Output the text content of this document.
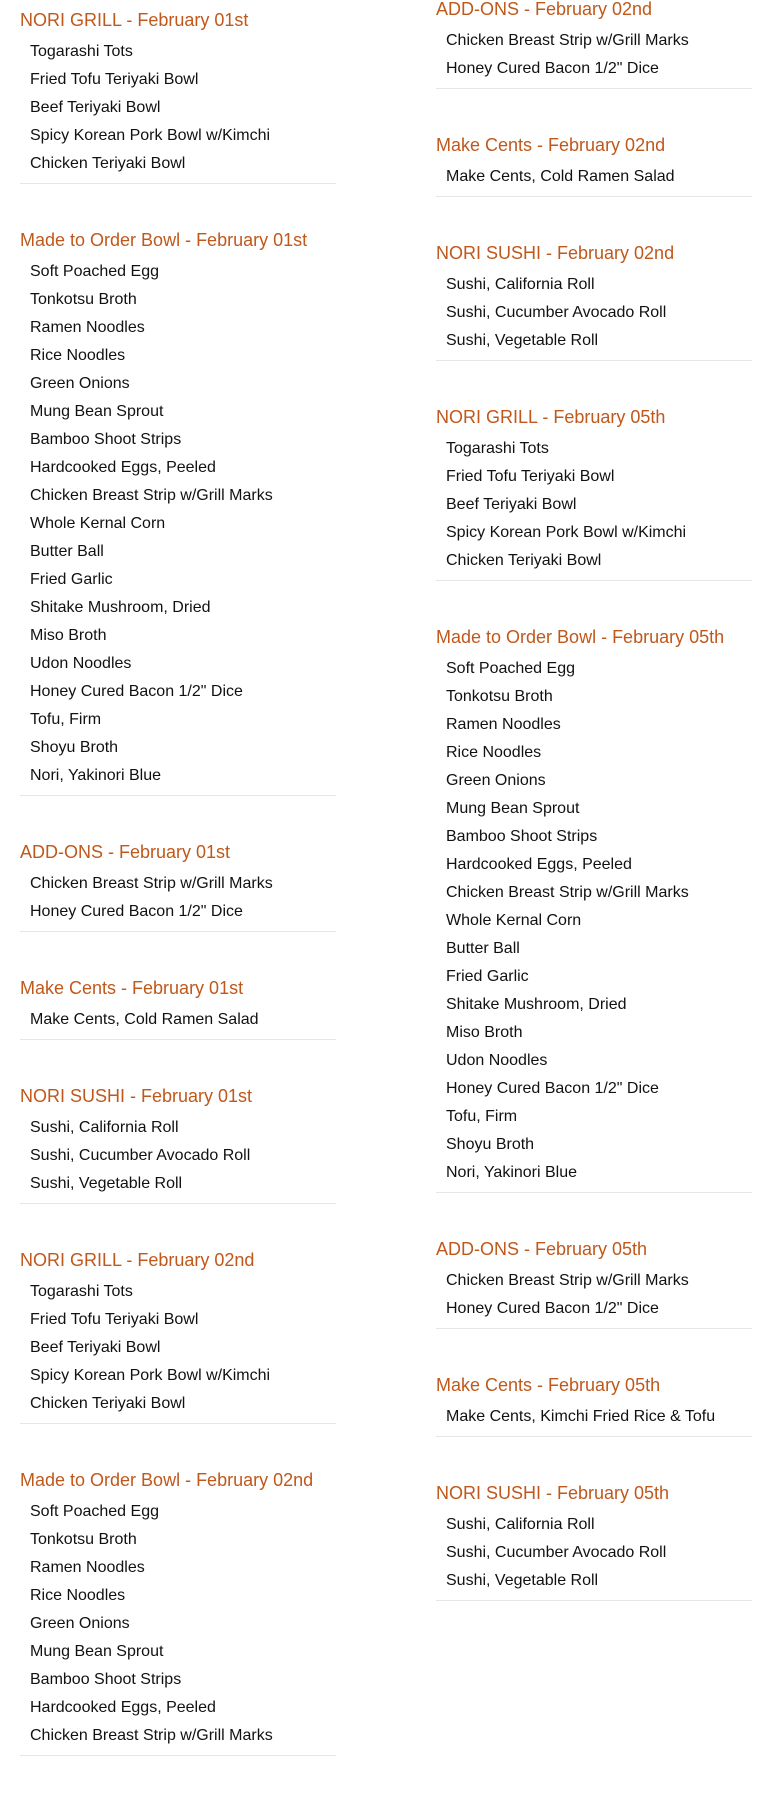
NORI GRILL - February 01st
Togarashi Tots
Fried Tofu Teriyaki Bowl
Beef Teriyaki Bowl
Spicy Korean Pork Bowl w/Kimchi
Chicken Teriyaki Bowl
Made to Order Bowl - February 01st
Soft Poached Egg
Tonkotsu Broth
Ramen Noodles
Rice Noodles
Green Onions
Mung Bean Sprout
Bamboo Shoot Strips
Hardcooked Eggs, Peeled
Chicken Breast Strip w/Grill Marks
Whole Kernal Corn
Butter Ball
Fried Garlic
Shitake Mushroom, Dried
Miso Broth
Udon Noodles
Honey Cured Bacon 1/2" Dice
Tofu, Firm
Shoyu Broth
Nori, Yakinori Blue
ADD-ONS - February 01st
Chicken Breast Strip w/Grill Marks
Honey Cured Bacon 1/2" Dice
Make Cents - February 01st
Make Cents, Cold Ramen Salad
NORI SUSHI - February 01st
Sushi, California Roll
Sushi, Cucumber Avocado Roll
Sushi, Vegetable Roll
NORI GRILL - February 02nd
Togarashi Tots
Fried Tofu Teriyaki Bowl
Beef Teriyaki Bowl
Spicy Korean Pork Bowl w/Kimchi
Chicken Teriyaki Bowl
Made to Order Bowl - February 02nd
Soft Poached Egg
Tonkotsu Broth
Ramen Noodles
Rice Noodles
Green Onions
Mung Bean Sprout
Bamboo Shoot Strips
Hardcooked Eggs, Peeled
Chicken Breast Strip w/Grill Marks
ADD-ONS - February 02nd
Chicken Breast Strip w/Grill Marks
Honey Cured Bacon 1/2" Dice
Make Cents - February 02nd
Make Cents, Cold Ramen Salad
NORI SUSHI - February 02nd
Sushi, California Roll
Sushi, Cucumber Avocado Roll
Sushi, Vegetable Roll
NORI GRILL - February 05th
Togarashi Tots
Fried Tofu Teriyaki Bowl
Beef Teriyaki Bowl
Spicy Korean Pork Bowl w/Kimchi
Chicken Teriyaki Bowl
Made to Order Bowl - February 05th
Soft Poached Egg
Tonkotsu Broth
Ramen Noodles
Rice Noodles
Green Onions
Mung Bean Sprout
Bamboo Shoot Strips
Hardcooked Eggs, Peeled
Chicken Breast Strip w/Grill Marks
Whole Kernal Corn
Butter Ball
Fried Garlic
Shitake Mushroom, Dried
Miso Broth
Udon Noodles
Honey Cured Bacon 1/2" Dice
Tofu, Firm
Shoyu Broth
Nori, Yakinori Blue
ADD-ONS - February 05th
Chicken Breast Strip w/Grill Marks
Honey Cured Bacon 1/2" Dice
Make Cents - February 05th
Make Cents, Kimchi Fried Rice & Tofu
NORI SUSHI - February 05th
Sushi, California Roll
Sushi, Cucumber Avocado Roll
Sushi, Vegetable Roll
